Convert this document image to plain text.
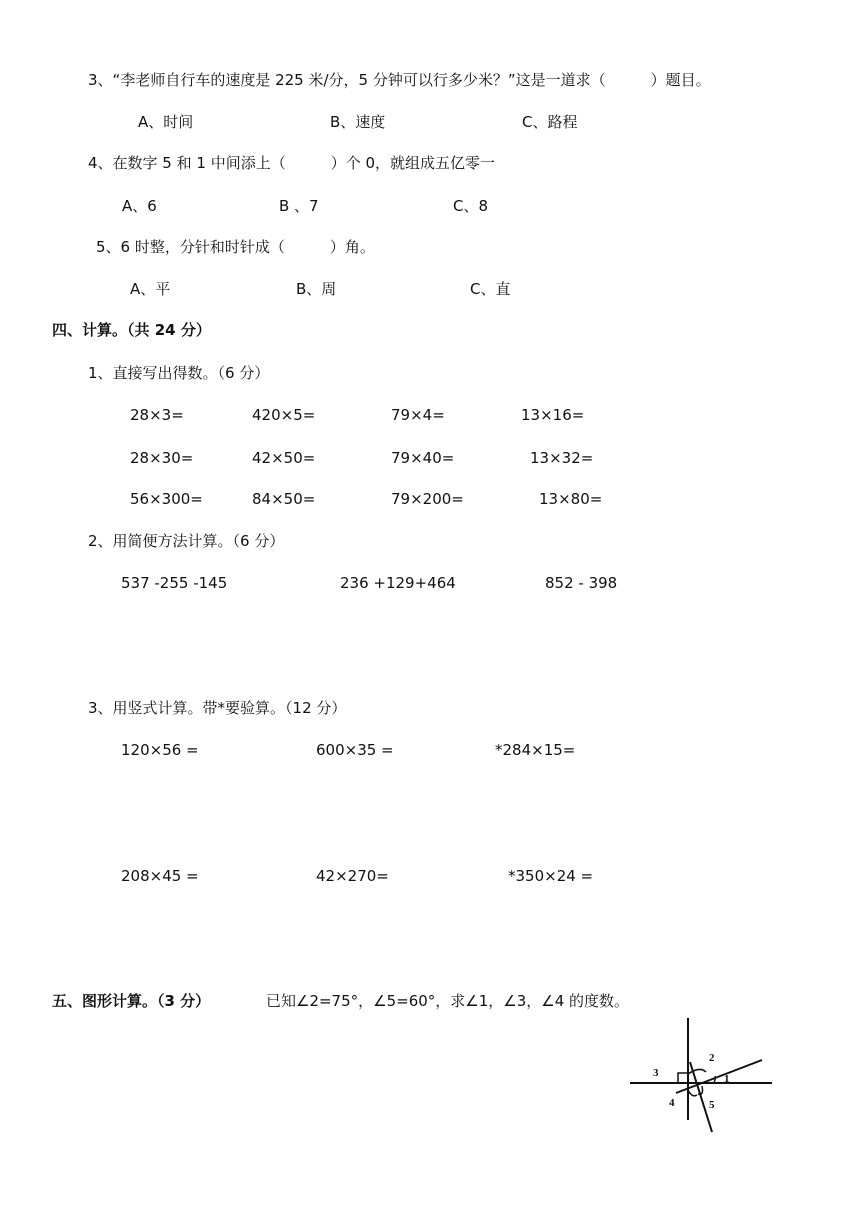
3、“李老师自行车的速度是 225 米/分，5 分钟可以行多少米？”这是一道求（　　　）题目。
A、时间	B、速度	C、路程
4、在数字 5 和 1 中间添上（　　　）个 0，就组成五亿零一
A、6	B 、7	C、8
5、6 时整，分针和时针成（　　　）角。
A、平	B、周	C、直
四、计算。（共 24 分）
1、直接写出得数。（6 分）
28×3=	420×5=	79×4=	13×16=
28×30=	42×50=	79×40=	13×32=
56×300=	84×50=	79×200=	13×80=
2、用简便方法计算。（6 分）
537 -255 -145	236 +129+464	852 - 398
3、用竖式计算。带*要验算。（12 分）
120×56 =	600×35 =	*284×15=
208×45 =	42×270=	*350×24 =
五、图形计算。（3 分）	已知∠2=75°，∠5=60°，求∠1，∠3，∠4 的度数。
2
1
3
4	5
